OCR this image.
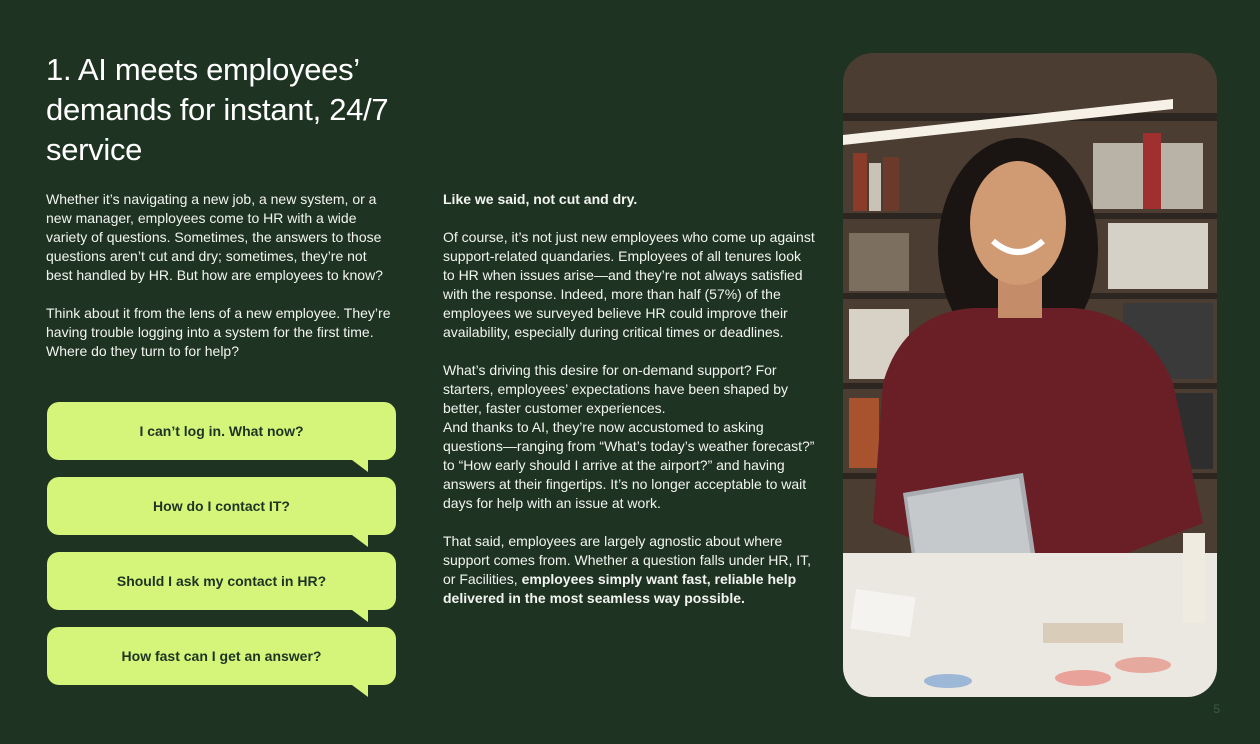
1. AI meets employees’ demands for instant, 24/7 service

Whether it’s navigating a new job, a new system, or a new manager, employees come to HR with a wide variety of questions. Sometimes, the answers to those questions aren’t cut and dry; sometimes, they’re not best handled by HR. But how are employees to know?

Think about it from the lens of a new employee. They’re having trouble logging into a system for the first time. Where do they turn to for help?

I can’t log in. What now?
How do I contact IT?
Should I ask my contact in HR?
How fast can I get an answer?

Like we said, not cut and dry.

Of course, it’s not just new employees who come up against support-related quandaries. Employees of all tenures look to HR when issues arise—and they’re not always satisfied with the response. Indeed, more than half (57%) of the employees we surveyed believe HR could improve their availability, especially during critical times or deadlines.

What’s driving this desire for on-demand support? For starters, employees’ expectations have been shaped by better, faster customer experiences.

And thanks to AI, they’re now accustomed to asking questions—ranging from “What’s today’s weather forecast?” to “How early should I arrive at the airport?” and having answers at their fingertips. It’s no longer acceptable to wait days for help with an issue at work.

That said, employees are largely agnostic about where support comes from. Whether a question falls under HR, IT, or Facilities, employees simply want fast, reliable help delivered in the most seamless way possible.

5
